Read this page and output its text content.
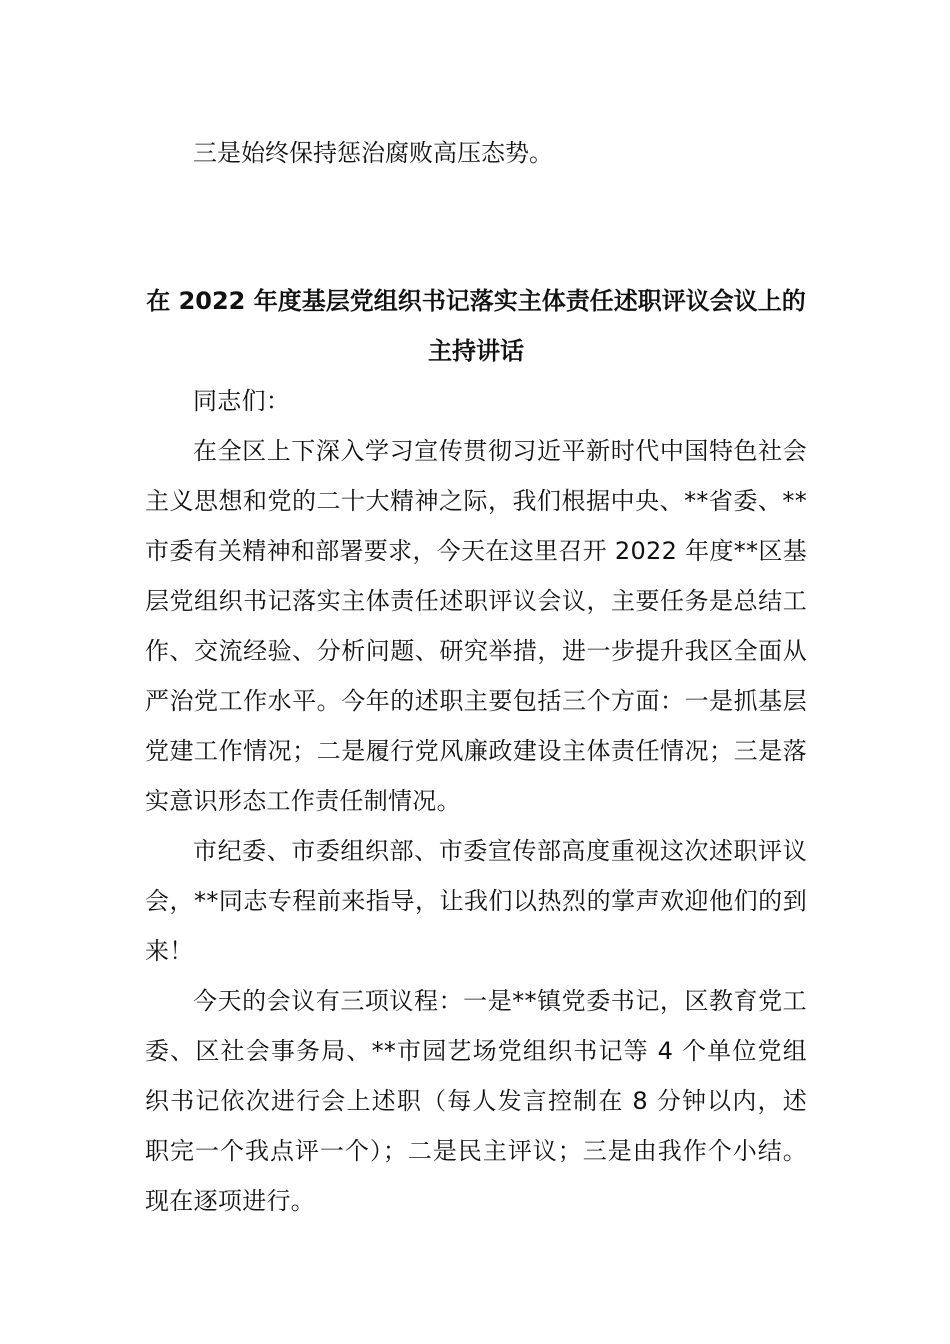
三是始终保持惩治腐败高压态势。

在 2022 年度基层党组织书记落实主体责任述职评议会议上的主持讲话

同志们：

在全区上下深入学习宣传贯彻习近平新时代中国特色社会主义思想和党的二十大精神之际，我们根据中央、**省委、**市委有关精神和部署要求，今天在这里召开 2022 年度**区基层党组织书记落实主体责任述职评议会议，主要任务是总结工作、交流经验、分析问题、研究举措，进一步提升我区全面从严治党工作水平。今年的述职主要包括三个方面：一是抓基层党建工作情况；二是履行党风廉政建设主体责任情况；三是落实意识形态工作责任制情况。

市纪委、市委组织部、市委宣传部高度重视这次述职评议会，**同志专程前来指导，让我们以热烈的掌声欢迎他们的到来！

今天的会议有三项议程：一是**镇党委书记，区教育党工委、区社会事务局、**市园艺场党组织书记等 4 个单位党组织书记依次进行会上述职（每人发言控制在 8 分钟以内，述职完一个我点评一个）；二是民主评议；三是由我作个小结。现在逐项进行。
